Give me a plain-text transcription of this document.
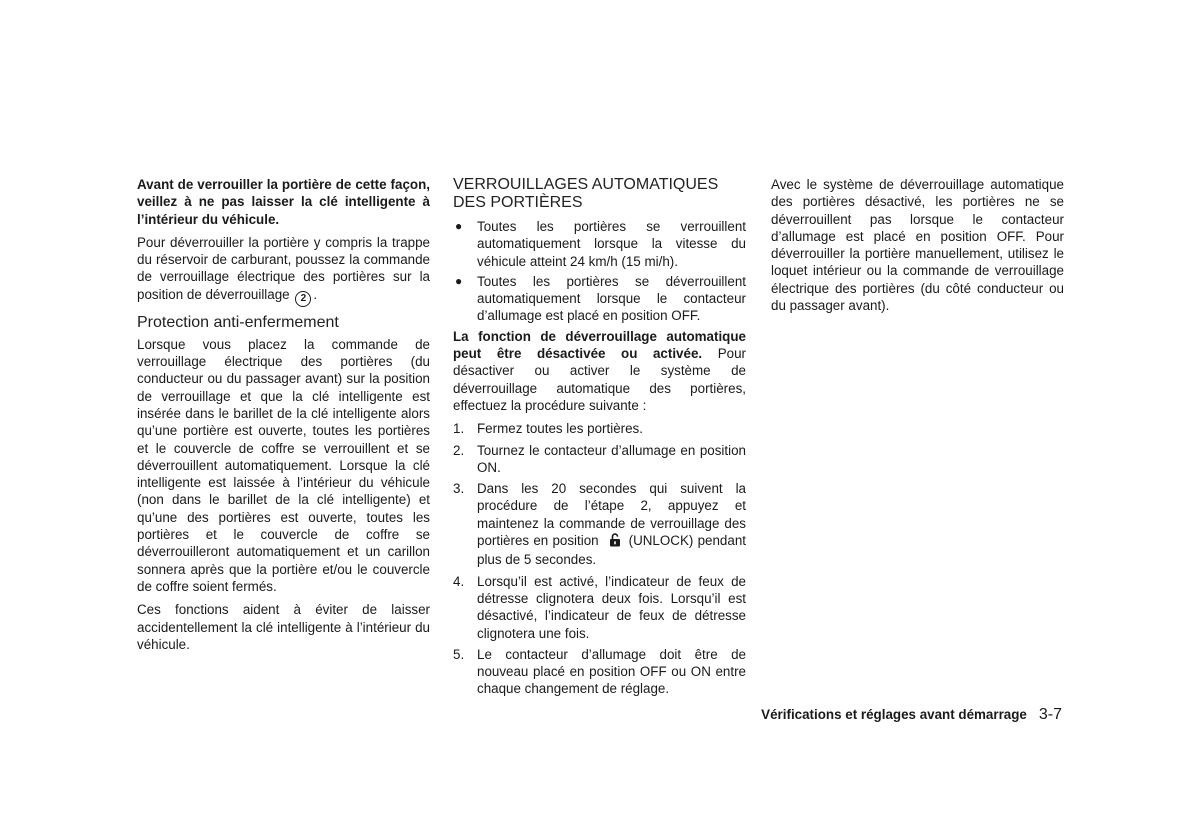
Avant de verrouiller la portière de cette façon, veillez à ne pas laisser la clé intelligente à l’intérieur du véhicule.

Pour déverrouiller la portière y compris la trappe du réservoir de carburant, poussez la commande de verrouillage électrique des portières sur la position de déverrouillage 2 .

Protection anti-enfermement

Lorsque vous placez la commande de verrouillage électrique des portières (du conducteur ou du passager avant) sur la position de verrouillage et que la clé intelligente est insérée dans le barillet de la clé intelligente alors qu’une portière est ouverte, toutes les portières et le couvercle de coffre se verrouillent et se déverrouillent automatiquement. Lorsque la clé intelligente est laissée à l’intérieur du véhicule (non dans le barillet de la clé intelligente) et qu’une des portières est ouverte, toutes les portières et le couvercle de coffre se déverrouilleront automatiquement et un carillon sonnera après que la portière et/ou le couvercle de coffre soient fermés.

Ces fonctions aident à éviter de laisser accidentellement la clé intelligente à l’intérieur du véhicule.

VERROUILLAGES AUTOMATIQUES
DES PORTIÈRES
● Toutes les portières se verrouillent automatiquement lorsque la vitesse du véhicule atteint 24 km/h (15 mi/h).
● Toutes les portières se déverrouillent automatiquement lorsque le contacteur d’allumage est placé en position OFF.

La fonction de déverrouillage automatique peut être désactivée ou activée. Pour désactiver ou activer le système de déverrouillage automatique des portières, effectuez la procédure suivante :

1. Fermez toutes les portières.
2. Tournez le contacteur d’allumage en position ON.
3. Dans les 20 secondes qui suivent la procédure de l’étape 2, appuyez et maintenez la commande de verrouillage des portières en position (UNLOCK) pendant plus de 5 secondes.
4. Lorsqu’il est activé, l’indicateur de feux de détresse clignotera deux fois. Lorsqu’il est désactivé, l’indicateur de feux de détresse clignotera une fois.
5. Le contacteur d’allumage doit être de nouveau placé en position OFF ou ON entre chaque changement de réglage.

Avec le système de déverrouillage automatique des portières désactivé, les portières ne se déverrouillent pas lorsque le contacteur d’allumage est placé en position OFF. Pour déverrouiller la portière manuellement, utilisez le loquet intérieur ou la commande de verrouillage électrique des portières (du côté conducteur ou du passager avant).

Vérifications et réglages avant démarrage 3-7
